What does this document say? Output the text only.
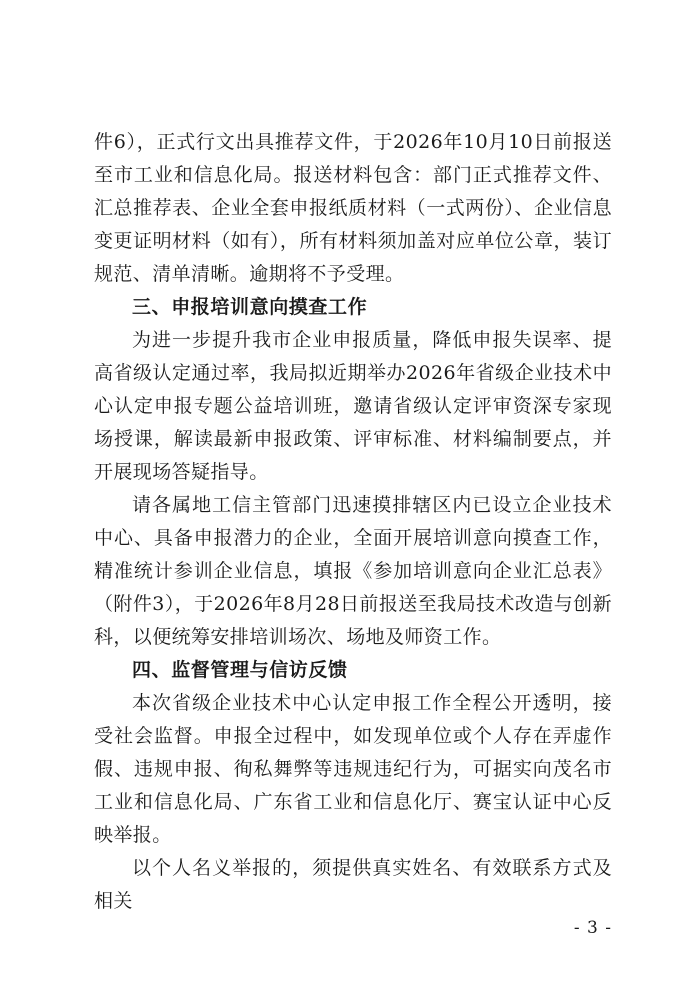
件6），正式行文出具推荐文件，于2026年10月10日前报送至市工业和信息化局。报送材料包含：部门正式推荐文件、汇总推荐表、企业全套申报纸质材料（一式两份）、企业信息变更证明材料（如有），所有材料须加盖对应单位公章，装订规范、清单清晰。逾期将不予受理。

三、申报培训意向摸查工作

为进一步提升我市企业申报质量，降低申报失误率、提高省级认定通过率，我局拟近期举办2026年省级企业技术中心认定申报专题公益培训班，邀请省级认定评审资深专家现场授课，解读最新申报政策、评审标准、材料编制要点，并开展现场答疑指导。

请各属地工信主管部门迅速摸排辖区内已设立企业技术中心、具备申报潜力的企业，全面开展培训意向摸查工作，精准统计参训企业信息，填报《参加培训意向企业汇总表》（附件3），于2026年8月28日前报送至我局技术改造与创新科，以便统筹安排培训场次、场地及师资工作。

四、监督管理与信访反馈

本次省级企业技术中心认定申报工作全程公开透明，接受社会监督。申报全过程中，如发现单位或个人存在弄虚作假、违规申报、徇私舞弊等违规违纪行为，可据实向茂名市工业和信息化局、广东省工业和信息化厅、赛宝认证中心反映举报。

以个人名义举报的，须提供真实姓名、有效联系方式及相关

- 3 -
